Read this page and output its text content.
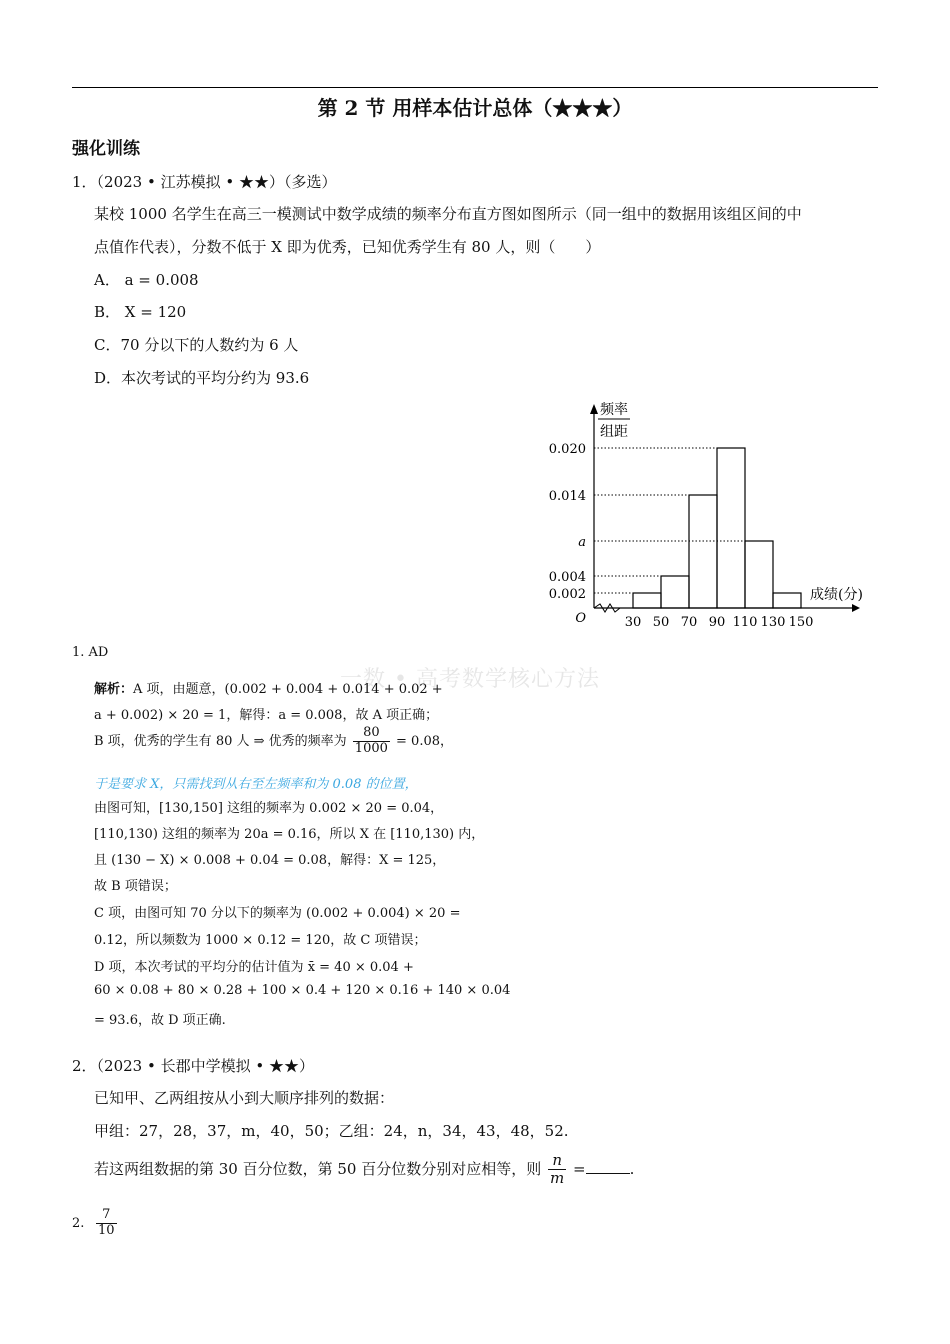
第 2 节 用样本估计总体（★★★）
强化训练
1．（2023 • 江苏模拟 • ★★）（多选）
某校 1000 名学生在高三一模测试中数学成绩的频率分布直方图如图所示（同一组中的数据用该组区间的中
点值作代表），分数不低于 X 即为优秀，已知优秀学生有 80 人，则（　　）
A． a = 0.008
B． X = 120
C．70 分以下的人数约为 6 人
D．本次考试的平均分约为 93.6
频率
组距
0.020
0.014
a
0.004
0.002
O	30 50 70 90 110 130 150
成绩(分)
1. AD
一数 • 高考数学核心方法
解析：A 项，由题意，(0.002 + 0.004 + 0.014 + 0.02 +
a + 0.002) × 20 = 1，解得：a = 0.008，故 A 项正确；
B 项，优秀的学生有 80 人 ⇒ 优秀的频率为 $\frac{80}{1000} = 0.08$，
于是要求 X，只需找到从右至左频率和为 0.08 的位置，
由图可知，[130,150] 这组的频率为 0.002 × 20 = 0.04，
[110,130) 这组的频率为 20a = 0.16，所以 X 在 [110,130) 内，
且 (130 − X) × 0.008 + 0.04 = 0.08，解得：X = 125，
故 B 项错误；
C 项，由图可知 70 分以下的频率为 (0.002 + 0.004) × 20 =
0.12，所以频数为 1000 × 0.12 = 120，故 C 项错误；
D 项，本次考试的平均分的估计值为 x̄ = 40 × 0.04 +
60 × 0.08 + 80 × 0.28 + 100 × 0.4 + 120 × 0.16 + 140 × 0.04
= 93.6，故 D 项正确.
2．（2023 • 长郡中学模拟 • ★★）
已知甲、乙两组按从小到大顺序排列的数据：
甲组：27，28，37，m，40，50；乙组：24，n，34，43，48，52.
若这两组数据的第 30 百分位数，第 50 百分位数分别对应相等，则 $\frac{n}{m}$ =	.
2. $\frac{7}{10}$
